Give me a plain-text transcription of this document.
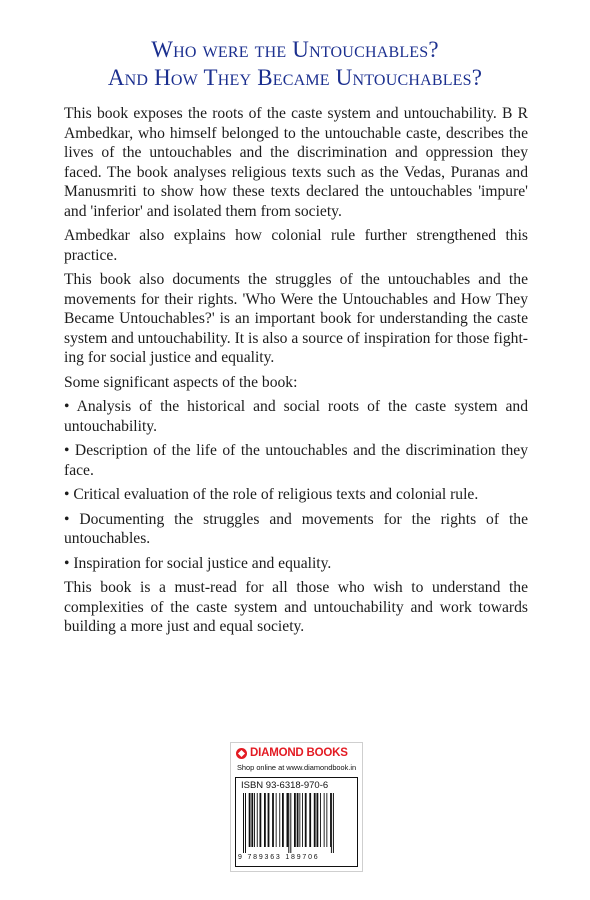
Who were the Untouchables?
And How They Became Untouchables?

This book exposes the roots of the caste system and untouchability. B R Ambedkar, who himself belonged to the untouchable caste, describes the lives of the untouchables and the discrimination and oppression they faced. The book analyses religious texts such as the Vedas, Puranas and Manusmriti to show how these texts declared the untouchables 'impure' and 'inferior' and isolated them from society.

Ambedkar also explains how colonial rule further strengthened this practice.

This book also documents the struggles of the untouchables and the movements for their rights. 'Who Were the Untouchables and How They Became Untouchables?' is an important book for understanding the caste system and untouchability. It is also a source of inspiration for those fighting for social justice and equality.

Some significant aspects of the book:

• Analysis of the historical and social roots of the caste system and untouchability.

• Description of the life of the untouchables and the discrimination they face.

• Critical evaluation of the role of religious texts and colonial rule.

• Documenting the struggles and movements for the rights of the untouchables.

• Inspiration for social justice and equality.

This book is a must-read for all those who wish to understand the complexities of the caste system and untouchability and work towards building a more just and equal society.

DIAMOND BOOKS
Shop online at www.diamondbook.in
ISBN 93-6318-970-6
9 789363 189706
